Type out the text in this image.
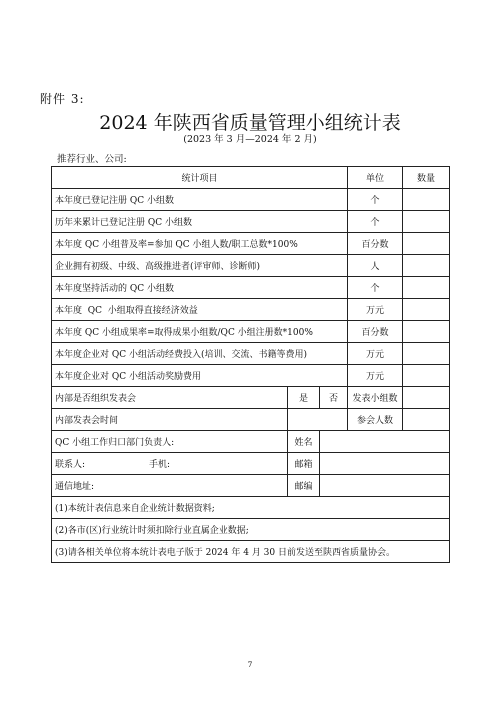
附件 3:
2024 年陕西省质量管理小组统计表
(2023 年 3 月—2024 年 2 月)
推荐行业、公司:
统计项目			单位	数量
本年度已登记注册 QC 小组数			个	
历年来累计已登记注册 QC 小组数			个	
本年度 QC 小组普及率=参加 QC 小组人数/职工总数*100%			百分数	
企业拥有初级、中级、高级推进者(评审师、诊断师)			人	
本年度坚持活动的 QC 小组数			个	
本年度  QC  小组取得直接经济效益			万元	
本年度 QC 小组成果率=取得成果小组数/QC 小组注册数*100%			百分数	
本年度企业对 QC 小组活动经费投入(培训、交流、书籍等费用)			万元	
本年度企业对 QC 小组活动奖励费用			万元	
内部是否组织发表会	是	否	发表小组数	
内部发表会时间			参会人数	
QC 小组工作归口部门负责人:	姓名			
联系人: 手机:	邮箱			
通信地址:	邮编			
(1)本统计表信息来自企业统计数据资料;				
(2)各市(区)行业统计时须扣除行业直属企业数据;				
(3)请各相关单位将本统计表电子版于 2024 年 4 月 30 日前发送至陕西省质量协会。				
7
